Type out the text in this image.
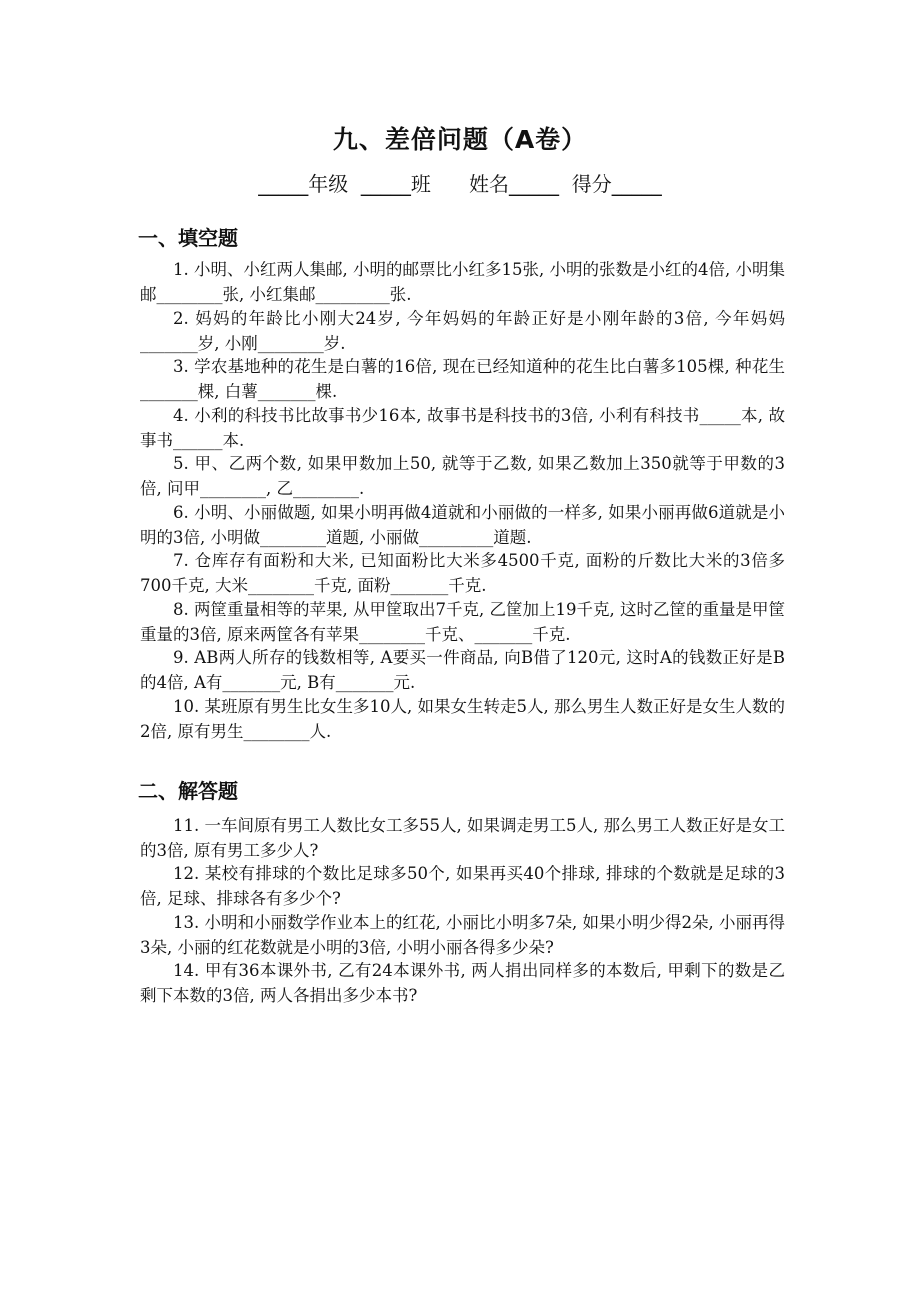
九、差倍问题（A卷）
_____年级  _____班      姓名_____  得分_____
一、填空题
1. 小明、小红两人集邮, 小明的邮票比小红多15张, 小明的张数是小红的4倍, 小明集邮________张, 小红集邮_________张.
2. 妈妈的年龄比小刚大24岁, 今年妈妈的年龄正好是小刚年龄的3倍, 今年妈妈_______岁, 小刚________岁.
3. 学农基地种的花生是白薯的16倍, 现在已经知道种的花生比白薯多105棵, 种花生_______棵, 白薯_______棵.
4. 小利的科技书比故事书少16本, 故事书是科技书的3倍, 小利有科技书_____本, 故事书______本.
5. 甲、乙两个数, 如果甲数加上50, 就等于乙数, 如果乙数加上350就等于甲数的3倍, 问甲________, 乙________.
6. 小明、小丽做题, 如果小明再做4道就和小丽做的一样多, 如果小丽再做6道就是小明的3倍, 小明做________道题, 小丽做_________道题.
7. 仓库存有面粉和大米, 已知面粉比大米多4500千克, 面粉的斤数比大米的3倍多700千克, 大米________千克, 面粉_______千克.
8. 两筐重量相等的苹果, 从甲筐取出7千克, 乙筐加上19千克, 这时乙筐的重量是甲筐重量的3倍, 原来两筐各有苹果________千克、_______千克.
9. AB两人所存的钱数相等, A要买一件商品, 向B借了120元, 这时A的钱数正好是B的4倍, A有_______元, B有_______元.
10. 某班原有男生比女生多10人, 如果女生转走5人, 那么男生人数正好是女生人数的2倍, 原有男生________人.
二、解答题
11. 一车间原有男工人数比女工多55人, 如果调走男工5人, 那么男工人数正好是女工的3倍, 原有男工多少人?
12. 某校有排球的个数比足球多50个, 如果再买40个排球, 排球的个数就是足球的3倍, 足球、排球各有多少个?
13. 小明和小丽数学作业本上的红花, 小丽比小明多7朵, 如果小明少得2朵, 小丽再得3朵, 小丽的红花数就是小明的3倍, 小明小丽各得多少朵?
14. 甲有36本课外书, 乙有24本课外书, 两人捐出同样多的本数后, 甲剩下的数是乙剩下本数的3倍, 两人各捐出多少本书?
